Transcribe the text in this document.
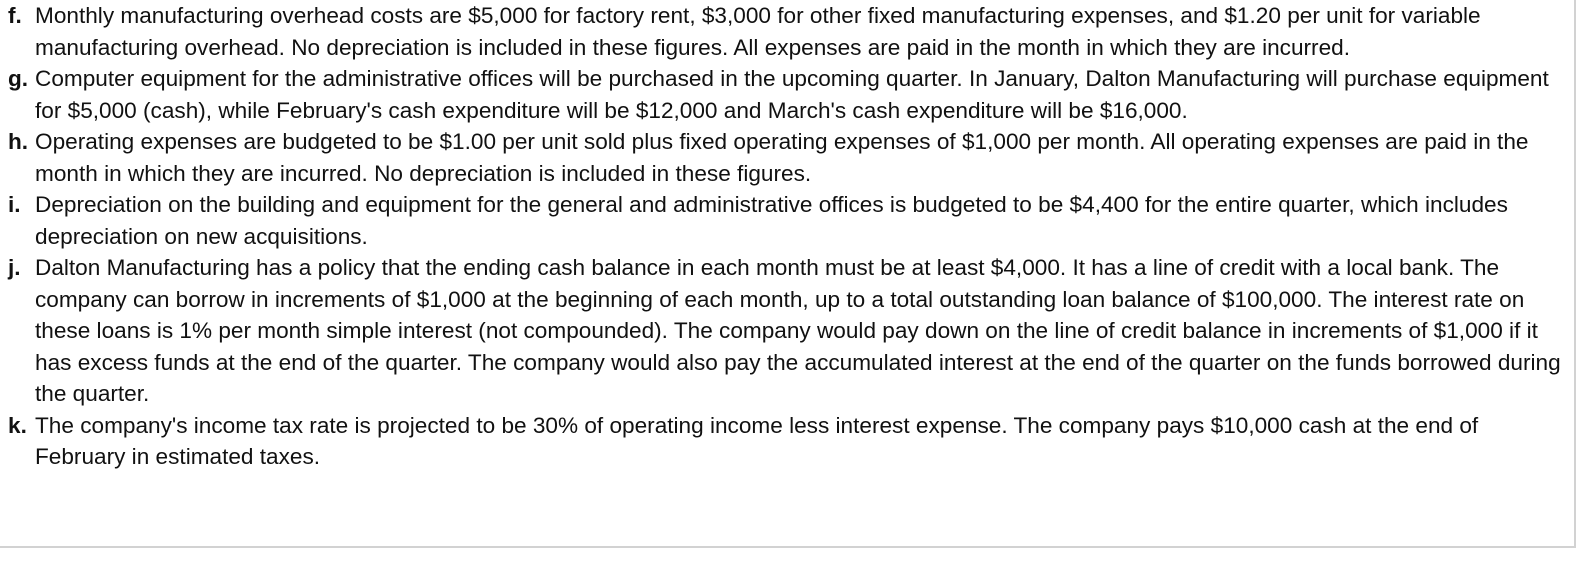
f. Monthly manufacturing overhead costs are $5,000 for factory rent, $3,000 for other fixed manufacturing expenses, and $1.20 per unit for variable manufacturing overhead. No depreciation is included in these figures. All expenses are paid in the month in which they are incurred.
g. Computer equipment for the administrative offices will be purchased in the upcoming quarter. In January, Dalton Manufacturing will purchase equipment for $5,000 (cash), while February's cash expenditure will be $12,000 and March's cash expenditure will be $16,000.
h. Operating expenses are budgeted to be $1.00 per unit sold plus fixed operating expenses of $1,000 per month. All operating expenses are paid in the month in which they are incurred. No depreciation is included in these figures.
i. Depreciation on the building and equipment for the general and administrative offices is budgeted to be $4,400 for the entire quarter, which includes depreciation on new acquisitions.
j. Dalton Manufacturing has a policy that the ending cash balance in each month must be at least $4,000. It has a line of credit with a local bank. The company can borrow in increments of $1,000 at the beginning of each month, up to a total outstanding loan balance of $100,000. The interest rate on these loans is 1% per month simple interest (not compounded). The company would pay down on the line of credit balance in increments of $1,000 if it has excess funds at the end of the quarter. The company would also pay the accumulated interest at the end of the quarter on the funds borrowed during the quarter.
k. The company's income tax rate is projected to be 30% of operating income less interest expense. The company pays $10,000 cash at the end of February in estimated taxes.
